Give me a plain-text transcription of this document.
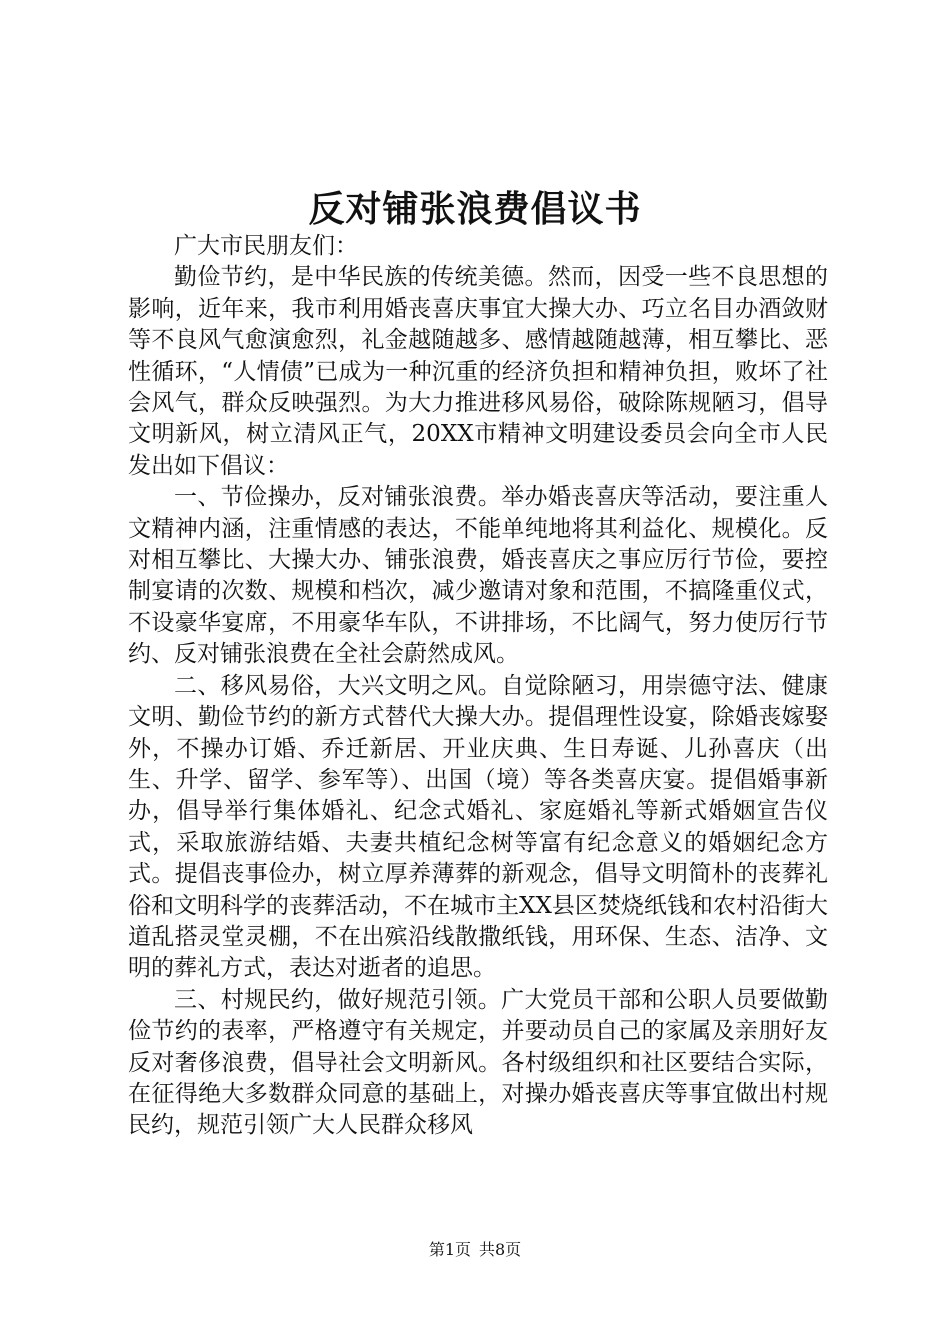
反对铺张浪费倡议书

广大市民朋友们：

勤俭节约，是中华民族的传统美德。然而，因受一些不良思想的影响，近年来，我市利用婚丧喜庆事宜大操大办、巧立名目办酒敛财等不良风气愈演愈烈，礼金越随越多、感情越随越薄，相互攀比、恶性循环，“人情债”已成为一种沉重的经济负担和精神负担，败坏了社会风气，群众反映强烈。为大力推进移风易俗，破除陈规陋习，倡导文明新风，树立清风正气，20XX市精神文明建设委员会向全市人民发出如下倡议：

一、节俭操办，反对铺张浪费。举办婚丧喜庆等活动，要注重人文精神内涵，注重情感的表达，不能单纯地将其利益化、规模化。反对相互攀比、大操大办、铺张浪费，婚丧喜庆之事应厉行节俭，要控制宴请的次数、规模和档次，减少邀请对象和范围，不搞隆重仪式，不设豪华宴席，不用豪华车队，不讲排场，不比阔气，努力使厉行节约、反对铺张浪费在全社会蔚然成风。

二、移风易俗，大兴文明之风。自觉除陋习，用崇德守法、健康文明、勤俭节约的新方式替代大操大办。提倡理性设宴，除婚丧嫁娶外，不操办订婚、乔迁新居、开业庆典、生日寿诞、儿孙喜庆（出生、升学、留学、参军等）、出国（境）等各类喜庆宴。提倡婚事新办，倡导举行集体婚礼、纪念式婚礼、家庭婚礼等新式婚姻宣告仪式，采取旅游结婚、夫妻共植纪念树等富有纪念意义的婚姻纪念方式。提倡丧事俭办，树立厚养薄葬的新观念，倡导文明简朴的丧葬礼俗和文明科学的丧葬活动，不在城市主XX县区焚烧纸钱和农村沿街大道乱搭灵堂灵棚，不在出殡沿线散撒纸钱，用环保、生态、洁净、文明的葬礼方式，表达对逝者的追思。

三、村规民约，做好规范引领。广大党员干部和公职人员要做勤俭节约的表率，严格遵守有关规定，并要动员自己的家属及亲朋好友反对奢侈浪费，倡导社会文明新风。各村级组织和社区要结合实际，在征得绝大多数群众同意的基础上，对操办婚丧喜庆等事宜做出村规民约，规范引领广大人民群众移风

第1页 共8页
